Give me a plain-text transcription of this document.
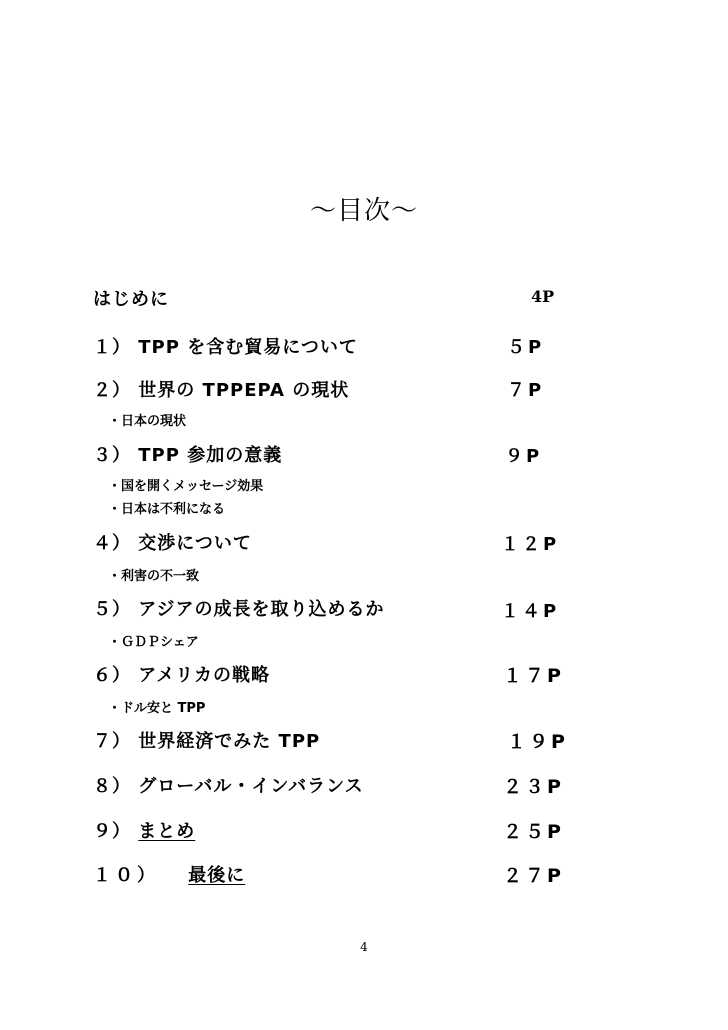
～目次～
はじめに	4P
１） TPP を含む貿易について	５P
２） 世界の TPPEPA の現状	７P
・日本の現状
３） TPP 参加の意義	９P
・国を開くメッセージ効果
・日本は不利になる
４） 交渉について	１２P
・利害の不一致
５） アジアの成長を取り込めるか	１４P
・ＧＤＰシェア
６） アメリカの戦略	１７P
・ドル安と TPP
７） 世界経済でみた TPP	１９P
８） グローバル・インバランス	２３P
９） まとめ	２５P
１０） 最後に	２７P
4
